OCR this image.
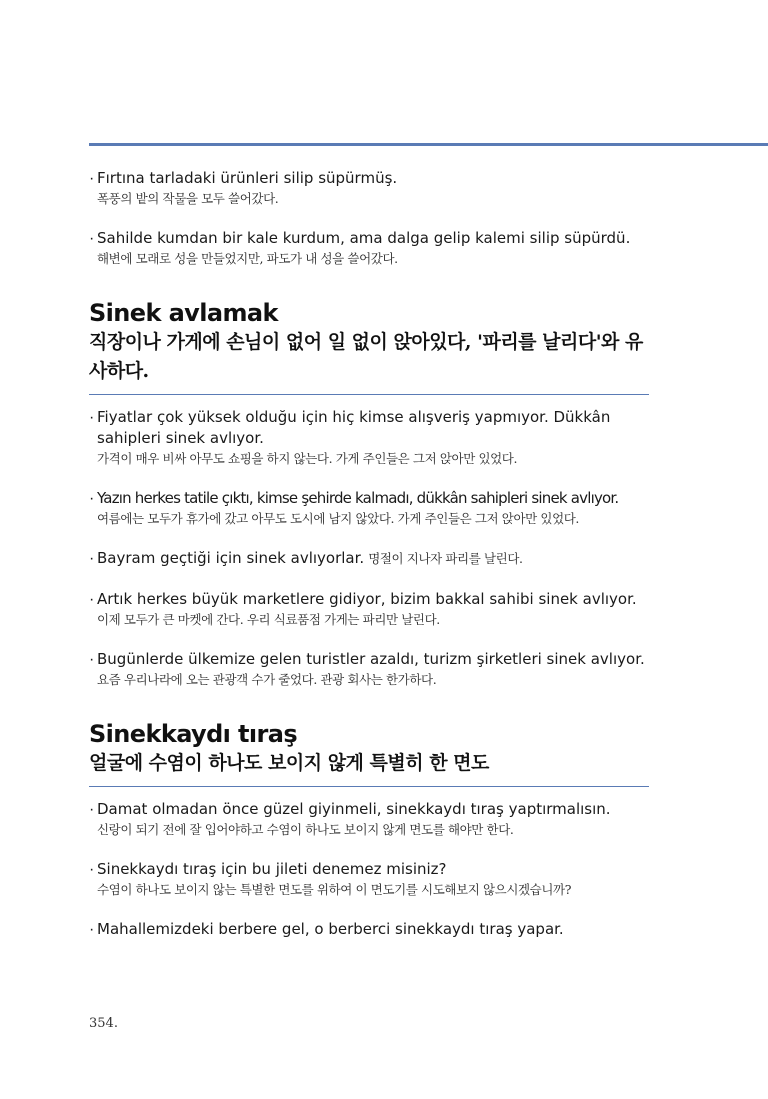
· Fırtına tarladaki ürünleri silip süpürmüş.
폭풍의 밭의 작물을 모두 쓸어갔다.
· Sahilde kumdan bir kale kurdum, ama dalga gelip kalemi silip süpürdü.
해변에 모래로 성을 만들었지만, 파도가 내 성을 쓸어갔다.
Sinek avlamak
직장이나 가게에 손님이 없어 일 없이 앉아있다, '파리를 날리다'와 유사하다.
· Fiyatlar çok yüksek olduğu için hiç kimse alışveriş yapmıyor. Dükkân sahipleri sinek avlıyor.
가격이 매우 비싸 아무도 쇼핑을 하지 않는다. 가게 주인들은 그저 앉아만 있었다.
· Yazın herkes tatile çıktı, kimse şehirde kalmadı, dükkân sahipleri sinek avlıyor.
여름에는 모두가 휴가에 갔고 아무도 도시에 남지 않았다. 가게 주인들은 그저 앉아만 있었다.
· Bayram geçtiği için sinek avlıyorlar. 명절이 지나자 파리를 날린다.
· Artık herkes büyük marketlere gidiyor, bizim bakkal sahibi sinek avlıyor.
이제 모두가 큰 마켓에 간다. 우리 식료품점 가게는 파리만 날린다.
· Bugünlerde ülkemize gelen turistler azaldı, turizm şirketleri sinek avlıyor.
요즘 우리나라에 오는 관광객 수가 줄었다. 관광 회사는 한가하다.
Sinekkaydı tıraş
얼굴에 수염이 하나도 보이지 않게 특별히 한 면도
· Damat olmadan önce güzel giyinmeli, sinekkaydı tıraş yaptırmalısın.
신랑이 되기 전에 잘 입어야하고 수염이 하나도 보이지 않게 면도를 해야만 한다.
· Sinekkaydı tıraş için bu jileti denemez misiniz?
수염이 하나도 보이지 않는 특별한 면도를 위하여 이 면도기를 시도해보지 않으시겠습니까?
· Mahallemizdeki berbere gel, o berberci sinekkaydı tıraş yapar.
354.
